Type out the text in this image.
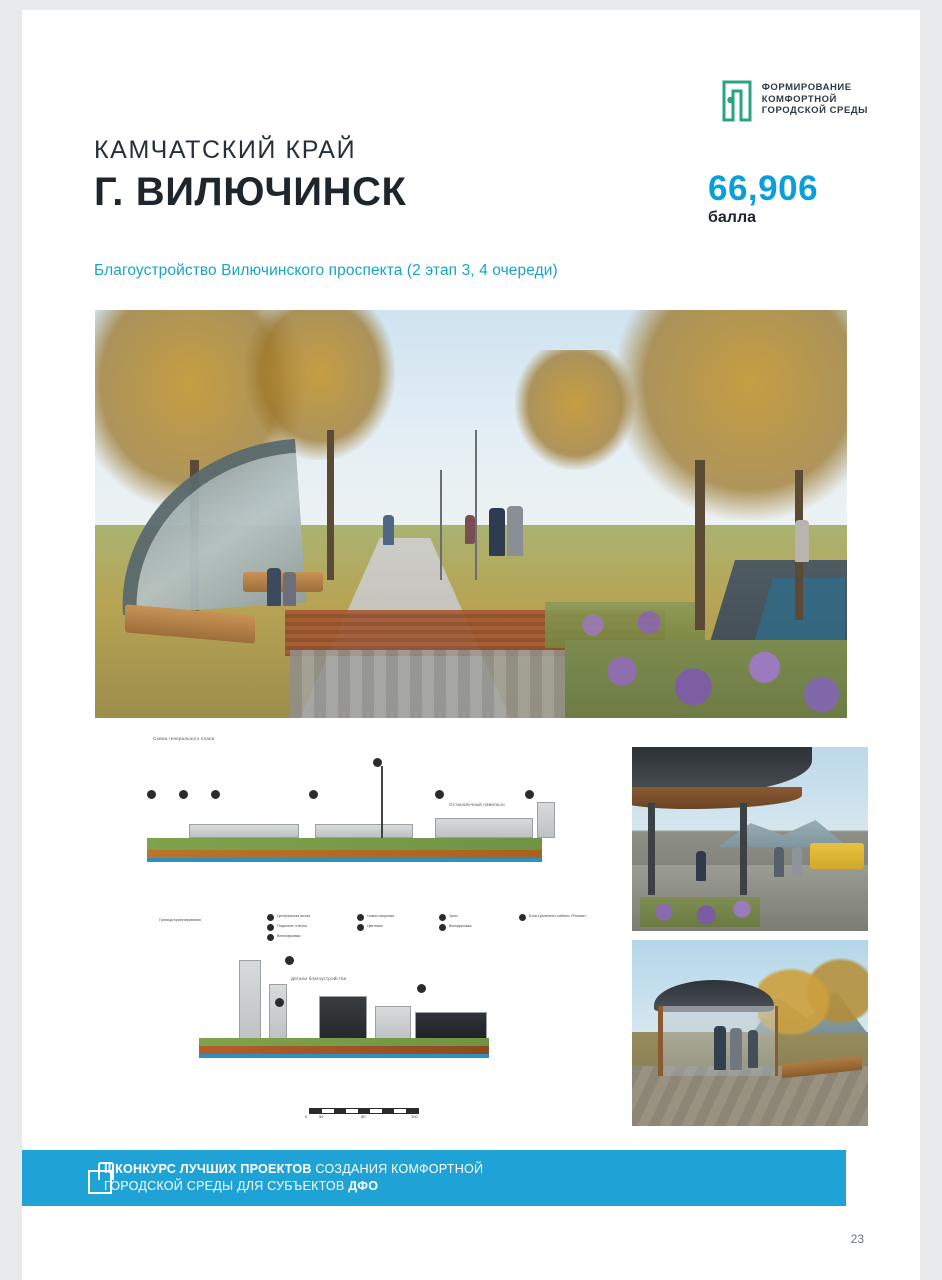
ФОРМИРОВАНИЕ
КОМФОРТНОЙ
ГОРОДСКОЙ СРЕДЫ
КАМЧАТСКИЙ КРАЙ
Г. ВИЛЮЧИНСК	66,906
балла
Благоустройство Вилючинского проспекта (2 этап 3, 4 очереди)
Схема генерального плана
Остановочный павильон
Центральная аллея
Покрытие: плитка
Велопарковка
Новое покрытие
Цветники
Урны
Велодорожка
Блок туалетного кабины «Россия»
Граница проектирования
Детали благоустройства
0	50	80	100
23
II КОНКУРС ЛУЧШИХ ПРОЕКТОВ СОЗДАНИЯ КОМФОРТНОЙ
ГОРОДСКОЙ СРЕДЫ ДЛЯ СУБЪЕКТОВ ДФО
